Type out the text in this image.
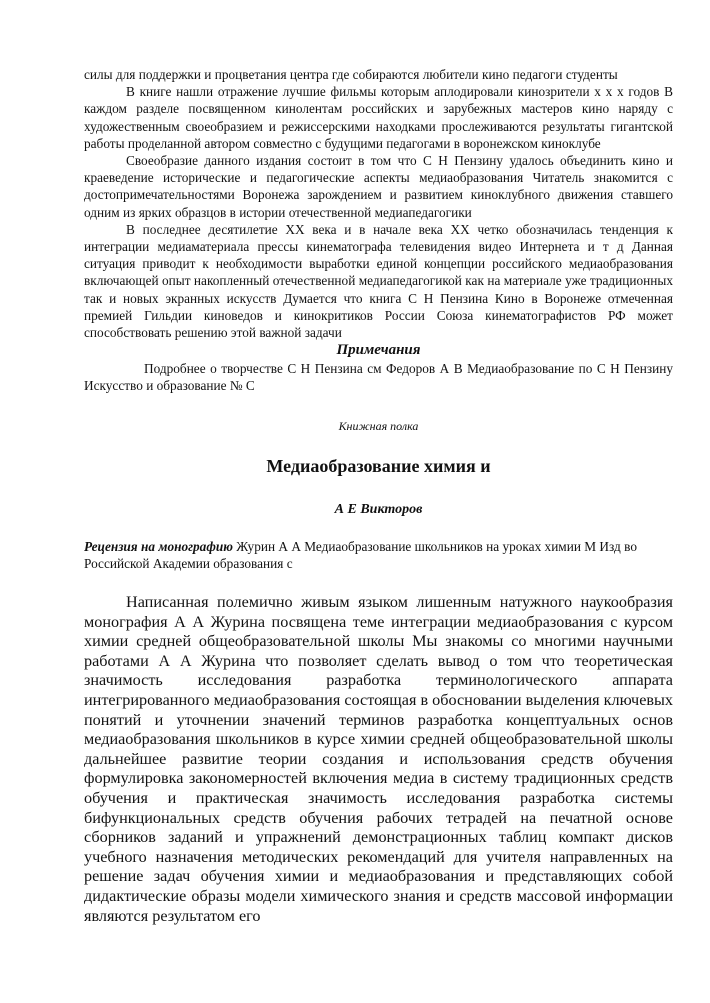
силы для поддержки и процветания центра где собираются любители кино педагоги студенты

В книге нашли отражение лучшие фильмы которым аплодировали кинозрители x x x годов В каждом разделе посвященном кинолентам российских и зарубежных мастеров кино наряду с художественным своеобразием и режиссерскими находками прослеживаются результаты гигантской работы проделанной автором совместно с будущими педагогами в воронежском киноклубе

Своеобразие данного издания состоит в том что С Н Пензину удалось объединить кино и краеведение исторические и педагогические аспекты медиаобразования Читатель знакомится с достопримечательностями Воронежа зарождением и развитием киноклубного движения ставшего одним из ярких образцов в истории отечественной медиапедагогики

В последнее десятилетие XX века и в начале века XX четко обозначилась тенденция к интеграции медиаматериала прессы кинематографа телевидения видео Интернета и т д Данная ситуация приводит к необходимости выработки единой концепции российского медиаобразования включающей опыт накопленный отечественной медиапедагогикой как на материале уже традиционных так и новых экранных искусств Думается что книга С Н Пензина Кино в Воронеже отмеченная премией Гильдии киноведов и кинокритиков России Союза кинематографистов РФ может способствовать решению этой важной задачи

Примечания

Подробнее о творчестве С Н Пензина см Федоров А В Медиаобразование по С Н Пензину Искусство и образование № С

Книжная полка
Медиаобразование химия и
А Е Викторов

Рецензия на монографию Журин А А Медиаобразование школьников на уроках химии М Изд во Российской Академии образования с

Написанная полемично живым языком лишенным натужного наукообразия монография А А Журина посвящена теме интеграции медиаобразования с курсом химии средней общеобразовательной школы Мы знакомы со многими научными работами А А Журина что позволяет сделать вывод о том что теоретическая значимость исследования разработка терминологического аппарата интегрированного медиаобразования состоящая в обосновании выделения ключевых понятий и уточнении значений терминов разработка концептуальных основ медиаобразования школьников в курсе химии средней общеобразовательной школы дальнейшее развитие теории создания и использования средств обучения формулировка закономерностей включения медиа в систему традиционных средств обучения и практическая значимость исследования разработка системы бифункциональных средств обучения рабочих тетрадей на печатной основе сборников заданий и упражнений демонстрационных таблиц компакт дисков учебного назначения методических рекомендаций для учителя направленных на решение задач обучения химии и медиаобразования и представляющих собой дидактические образы модели химического знания и средств массовой информации являются результатом его
